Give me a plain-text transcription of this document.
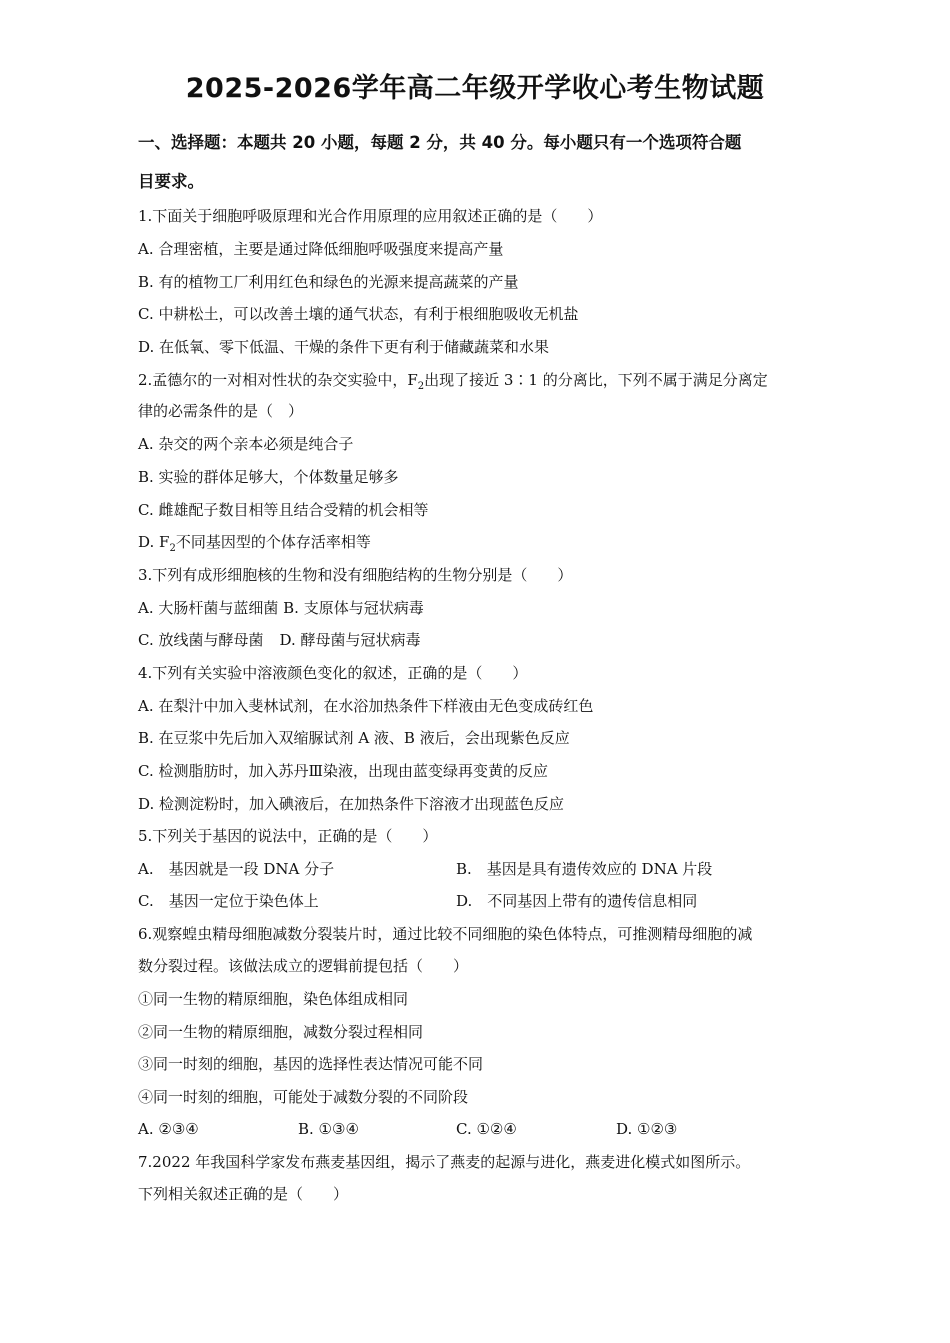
2025-2026学年高二年级开学收心考生物试题
一、选择题：本题共 20 小题，每题 2 分，共 40 分。每小题只有一个选项符合题
目要求。
1.下面关于细胞呼吸原理和光合作用原理的应用叙述正确的是（　　）
A. 合理密植，主要是通过降低细胞呼吸强度来提高产量
B. 有的植物工厂利用红色和绿色的光源来提高蔬菜的产量
C. 中耕松土，可以改善土壤的通气状态，有利于根细胞吸收无机盐
D. 在低氧、零下低温、干燥的条件下更有利于储藏蔬菜和水果
2.孟德尔的一对相对性状的杂交实验中，$F_2$出现了接近 3∶1 的分离比，下列不属于满足分离定
律的必需条件的是（　）
A. 杂交的两个亲本必须是纯合子
B. 实验的群体足够大，个体数量足够多
C. 雌雄配子数目相等且结合受精的机会相等
D. $F_2$不同基因型的个体存活率相等
3.下列有成形细胞核的生物和没有细胞结构的生物分别是（　　）
A. 大肠杆菌与蓝细菌 B. 支原体与冠状病毒
C. 放线菌与酵母菌 D. 酵母菌与冠状病毒
4.下列有关实验中溶液颜色变化的叙述，正确的是（　　）
A. 在梨汁中加入斐林试剂，在水浴加热条件下样液由无色变成砖红色
B. 在豆浆中先后加入双缩脲试剂 A 液、B 液后，会出现紫色反应
C. 检测脂肪时，加入苏丹Ⅲ染液，出现由蓝变绿再变黄的反应
D. 检测淀粉时，加入碘液后，在加热条件下溶液才出现蓝色反应
5.下列关于基因的说法中，正确的是（　　）
A.　基因就是一段 DNA 分子	B.　基因是具有遗传效应的 DNA 片段
C.　基因一定位于染色体上	D.　不同基因上带有的遗传信息相同
6.观察蝗虫精母细胞减数分裂装片时，通过比较不同细胞的染色体特点，可推测精母细胞的减
数分裂过程。该做法成立的逻辑前提包括（　　）
①同一生物的精原细胞，染色体组成相同
②同一生物的精原细胞，减数分裂过程相同
③同一时刻的细胞，基因的选择性表达情况可能不同
④同一时刻的细胞，可能处于减数分裂的不同阶段
A. ②③④	B. ①③④	C. ①②④	D. ①②③
7.2022 年我国科学家发布燕麦基因组，揭示了燕麦的起源与进化，燕麦进化模式如图所示。
下列相关叙述正确的是（　　）
